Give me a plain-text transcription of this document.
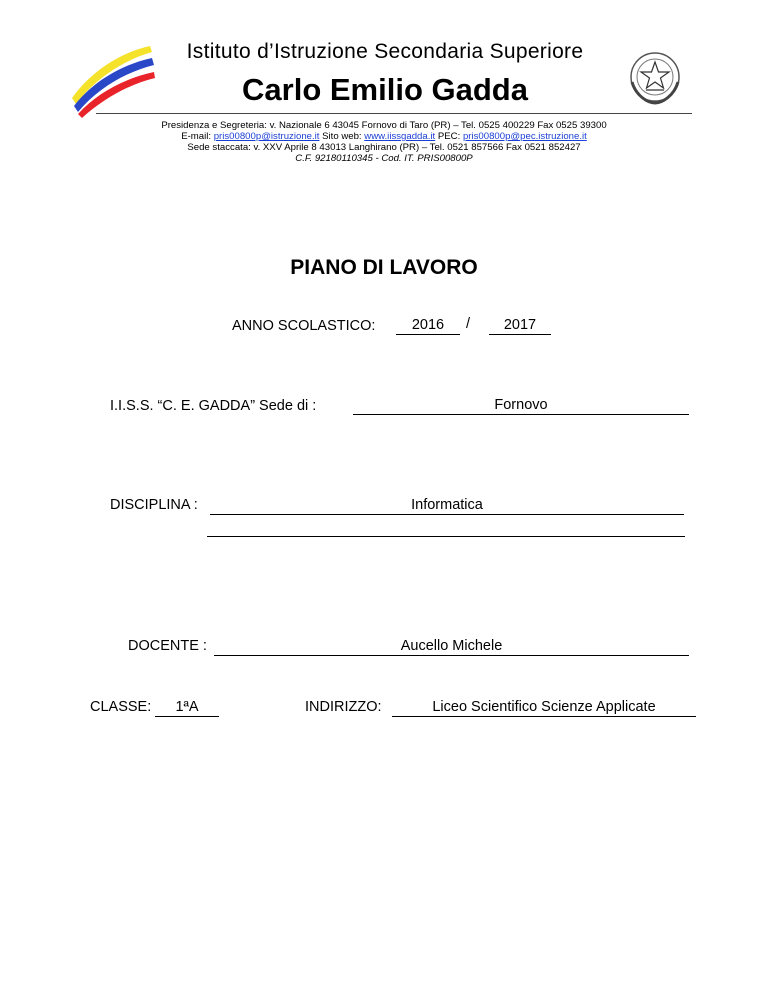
Istituto d’Istruzione Secondaria Superiore
Carlo Emilio Gadda
Presidenza e Segreteria: v. Nazionale 6 43045 Fornovo di Taro (PR) – Tel. 0525 400229 Fax 0525 39300
E-mail: pris00800p@istruzione.it Sito web: www.iissgadda.it PEC: pris00800p@pec.istruzione.it
Sede staccata: v. XXV Aprile 8 43013 Langhirano (PR) – Tel. 0521 857566 Fax 0521 852427
C.F. 92180110345 - Cod. IT. PRIS00800P
PIANO DI LAVORO
ANNO SCOLASTICO:	2016	/	2017
I.I.S.S. “C. E. GADDA” Sede di :	Fornovo
DISCIPLINA :	Informatica
DOCENTE :	Aucello Michele
CLASSE:	1ªA	INDIRIZZO:	Liceo Scientifico Scienze Applicate
